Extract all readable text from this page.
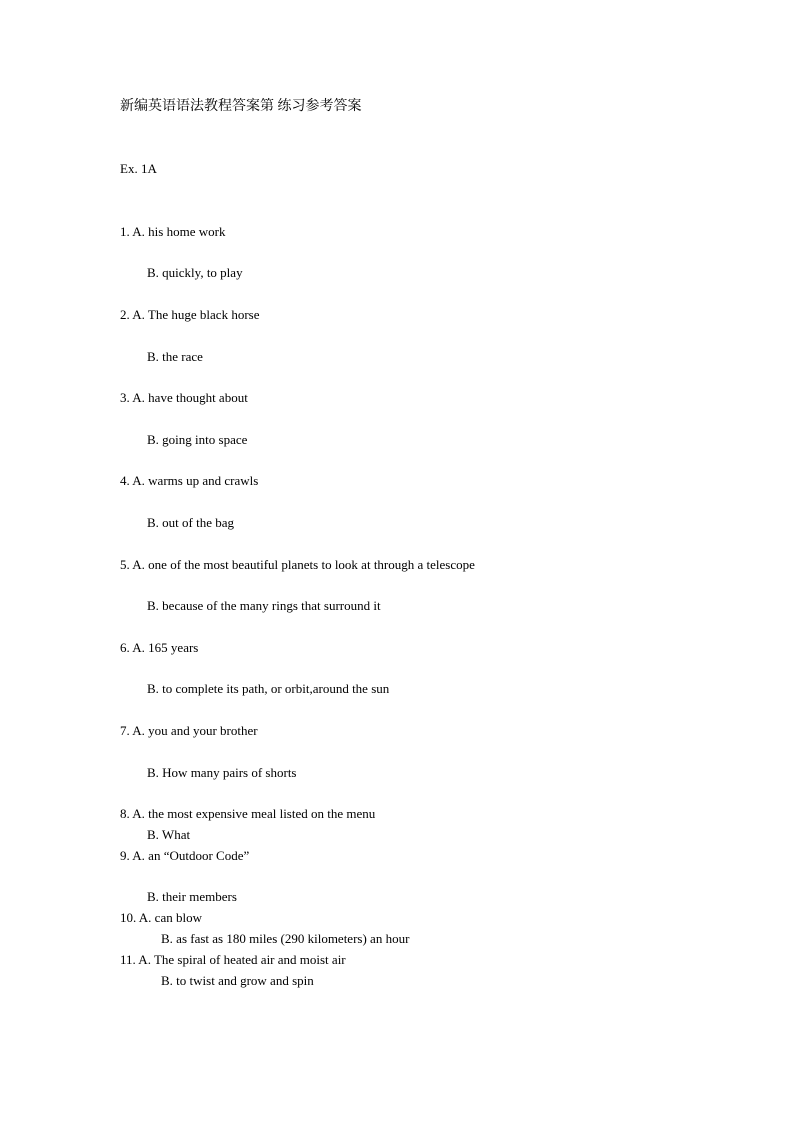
新编英语语法教程答案第 练习参考答案
Ex. 1A
1. A. his home work
B. quickly, to play
2. A. The huge black horse
B. the race
3. A. have thought about
B. going into space
4. A. warms up and crawls
B. out of the bag
5. A. one of the most beautiful planets to look at through a telescope
B. because of the many rings that surround it
6. A. 165 years
B. to complete its path, or orbit,around the sun
7. A. you and your brother
B. How many pairs of shorts
8. A. the most expensive meal listed on the menu
B. What
9. A. an “Outdoor Code”
B. their members
10. A. can blow
B. as fast as 180 miles (290 kilometers) an hour
11. A. The spiral of heated air and moist air
B. to twist and grow and spin
